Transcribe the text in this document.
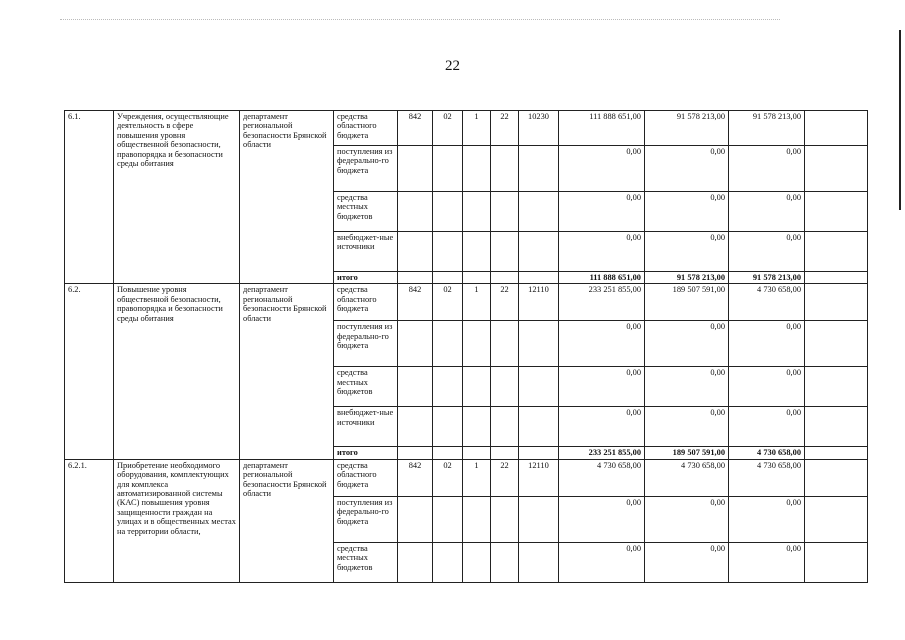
22
6.1.	Учреждения, осуществляющие деятельность в сфере повышения уровня общественной безопасности, правопорядка и безопасности среды обитания	департамент региональной безопасности Брянской области	средства областного бюджета	842	02	1	22	10230	111 888 651,00	91 578 213,00	91 578 213,00	
			поступления из федерально-го бюджета						0,00	0,00	0,00	
			средства местных бюджетов						0,00	0,00	0,00	
			внебюджет-ные источники						0,00	0,00	0,00	
			итого						111 888 651,00	91 578 213,00	91 578 213,00	
6.2.	Повышение уровня общественной безопасности, правопорядка и безопасности среды обитания	департамент региональной безопасности Брянской области	средства областного бюджета	842	02	1	22	12110	233 251 855,00	189 507 591,00	4 730 658,00	
			поступления из федерально-го бюджета						0,00	0,00	0,00	
			средства местных бюджетов						0,00	0,00	0,00	
			внебюджет-ные источники						0,00	0,00	0,00	
			итого						233 251 855,00	189 507 591,00	4 730 658,00	
6.2.1.	Приобретение необходимого оборудования, комплектующих для комплекса автоматизированной системы (КАС) повышения уровня защищенности граждан на улицах и в общественных местах на территории области,	департамент региональной безопасности Брянской области	средства областного бюджета	842	02	1	22	12110	4 730 658,00	4 730 658,00	4 730 658,00	
			поступления из федерально-го бюджета						0,00	0,00	0,00	
			средства местных бюджетов						0,00	0,00	0,00	
